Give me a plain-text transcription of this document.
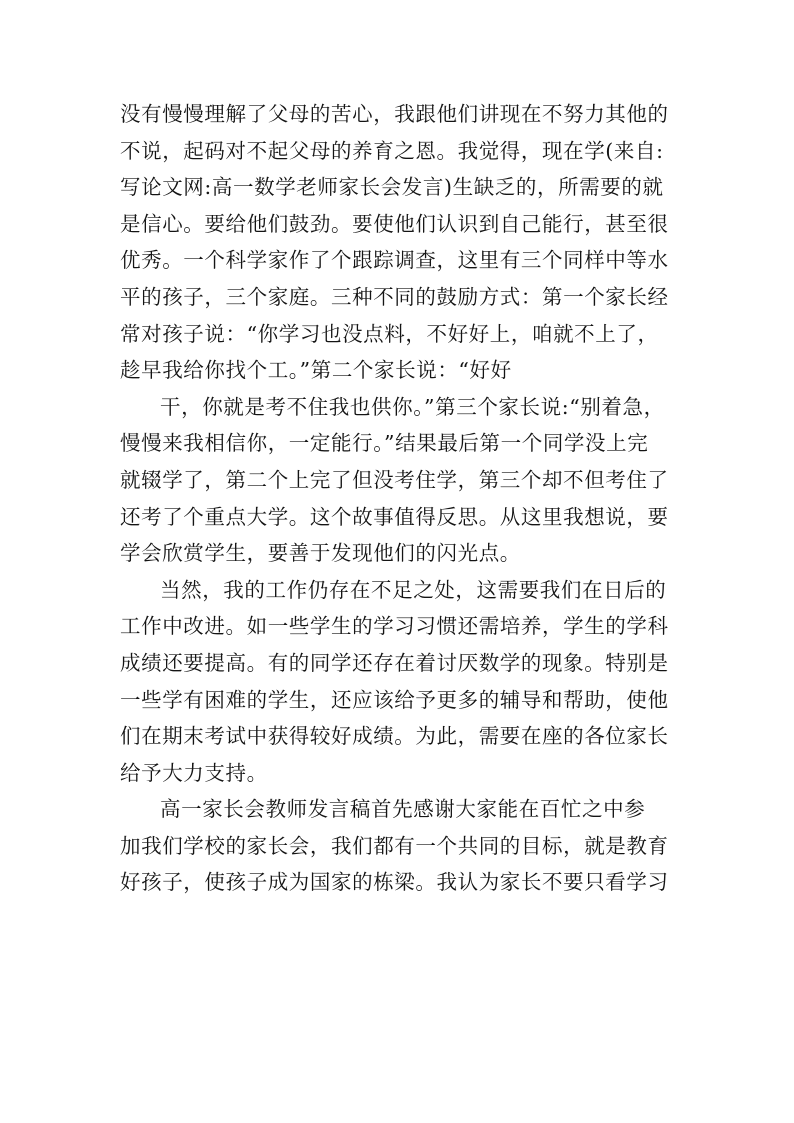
没有慢慢理解了父母的苦心，我跟他们讲现在不努力其他的
不说，起码对不起父母的养育之恩。我觉得，现在学(来自:
写论文网:高一数学老师家长会发言)生缺乏的，所需要的就
是信心。要给他们鼓劲。要使他们认识到自己能行，甚至很
优秀。一个科学家作了个跟踪调查，这里有三个同样中等水
平的孩子，三个家庭。三种不同的鼓励方式：第一个家长经
常对孩子说：“你学习也没点料，不好好上，咱就不上了，
趁早我给你找个工。”第二个家长说：“好好
干，你就是考不住我也供你。”第三个家长说:“别着急，
慢慢来我相信你，一定能行。”结果最后第一个同学没上完
就辍学了，第二个上完了但没考住学，第三个却不但考住了
还考了个重点大学。这个故事值得反思。从这里我想说，要
学会欣赏学生，要善于发现他们的闪光点。
当然，我的工作仍存在不足之处，这需要我们在日后的
工作中改进。如一些学生的学习习惯还需培养，学生的学科
成绩还要提高。有的同学还存在着讨厌数学的现象。特别是
一些学有困难的学生，还应该给予更多的辅导和帮助，使他
们在期末考试中获得较好成绩。为此，需要在座的各位家长
给予大力支持。
高一家长会教师发言稿首先感谢大家能在百忙之中参
加我们学校的家长会，我们都有一个共同的目标，就是教育
好孩子，使孩子成为国家的栋梁。我认为家长不要只看学习
